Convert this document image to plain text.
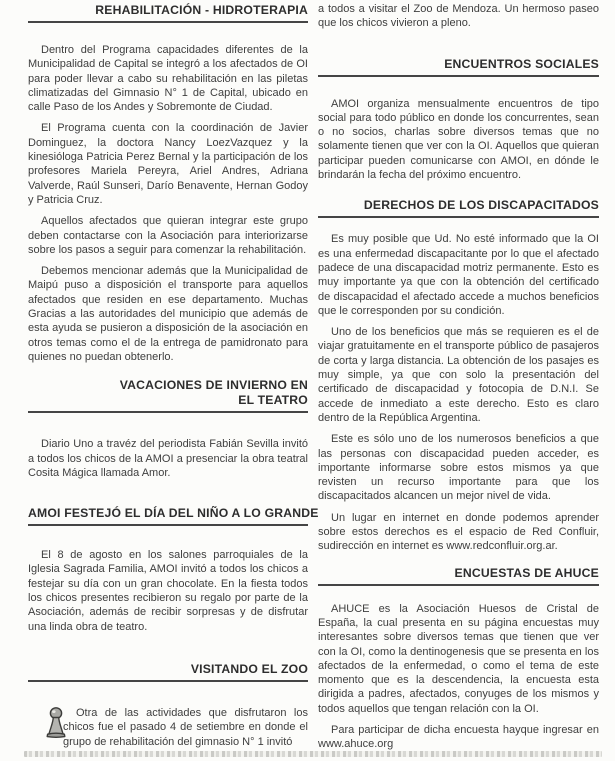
REHABILITACIÓN - HIDROTERAPIA

Dentro del Programa capacidades diferentes de la Municipalidad de Capital se integró a los afectados de OI para poder llevar a cabo su rehabilitación en las piletas climatizadas del Gimnasio N° 1 de Capital, ubicado en calle Paso de los Andes y Sobremonte de Ciudad.

El Programa cuenta con la coordinación de Javier Dominguez, la doctora Nancy LoezVazquez y la kinesióloga Patricia Perez Bernal y la participación de los profesores Mariela Pereyra, Ariel Andres, Adriana Valverde, Raúl Sunseri, Darío Benavente, Hernan Godoy y Patricia Cruz.

Aquellos afectados que quieran integrar este grupo deben contactarse con la Asociación para interiorizarse sobre los pasos a seguir para comenzar la rehabilitación.

Debemos mencionar además que la Municipalidad de Maipú puso a disposición el transporte para aquellos afectados que residen en ese departamento. Muchas Gracias a las autoridades del municipio que además de esta ayuda se pusieron a disposición de la asociación en otros temas como el de la entrega de pamidronato para quienes no puedan obtenerlo.

VACACIONES DE INVIERNO EN EL TEATRO

Diario Uno a travéz del periodista Fabián Sevilla invitó a todos los chicos de la AMOI a presenciar la obra teatral Cosita Mágica llamada Amor.

AMOI FESTEJÓ EL DÍA DEL NIÑO A LO GRANDE

El 8 de agosto en los salones parroquiales de la Iglesia Sagrada Familia, AMOI invitó a todos los chicos a festejar su día con un gran chocolate. En la fiesta todos los chicos presentes recibieron su regalo por parte de la Asociación, además de recibir sorpresas y de disfrutar una linda obra de teatro.

VISITANDO EL ZOO

Otra de las actividades que disfrutaron los chicos fue el pasado 4 de setiembre en donde el grupo de rehabilitación del gimnasio N° 1 invitó

a todos a visitar el Zoo de Mendoza. Un hermoso paseo que los chicos vivieron a pleno.

ENCUENTROS SOCIALES

AMOI organiza mensualmente encuentros de tipo social para todo público en donde los concurrentes, sean o no socios, charlas sobre diversos temas que no solamente tienen que ver con la OI. Aquellos que quieran participar pueden comunicarse con AMOI, en dónde le brindarán la fecha del próximo encuentro.

DERECHOS DE LOS DISCAPACITADOS

Es muy posible que Ud. No esté informado que la OI es una enfermedad discapacitante por lo que el afectado padece de una discapacidad motriz permanente. Esto es muy importante ya que con la obtención del certificado de discapacidad el afectado accede a muchos beneficios que le corresponden por su condición.

Uno de los beneficios que más se requieren es el de viajar gratuitamente en el transporte público de pasajeros de corta y larga distancia. La obtención de los pasajes es muy simple, ya que con solo la presentación del certificado de discapacidad y fotocopia de D.N.I. Se accede de inmediato a este derecho. Esto es claro dentro de la República Argentina.

Este es sólo uno de los numerosos beneficios a que las personas con discapacidad pueden acceder, es importante informarse sobre estos mismos ya que revisten un recurso importante para que los discapacitados alcancen un mejor nivel de vida.

Un lugar en internet en donde podemos aprender sobre estos derechos es el espacio de Red Confluir, sudirección en internet es www.redconfluir.org.ar.

ENCUESTAS DE AHUCE

AHUCE es la Asociación Huesos de Cristal de España, la cual presenta en su página encuestas muy interesantes sobre diversos temas que tienen que ver con la OI, como la dentinogenesis que se presenta en los afectados de la enfermedad, o como el tema de este momento que es la descendencia, la encuesta esta dirigida a padres, afectados, conyuges de los mismos y todos aquellos que tengan relación con la OI.

Para participar de dicha encuesta hayque ingresar en www.ahuce.org
